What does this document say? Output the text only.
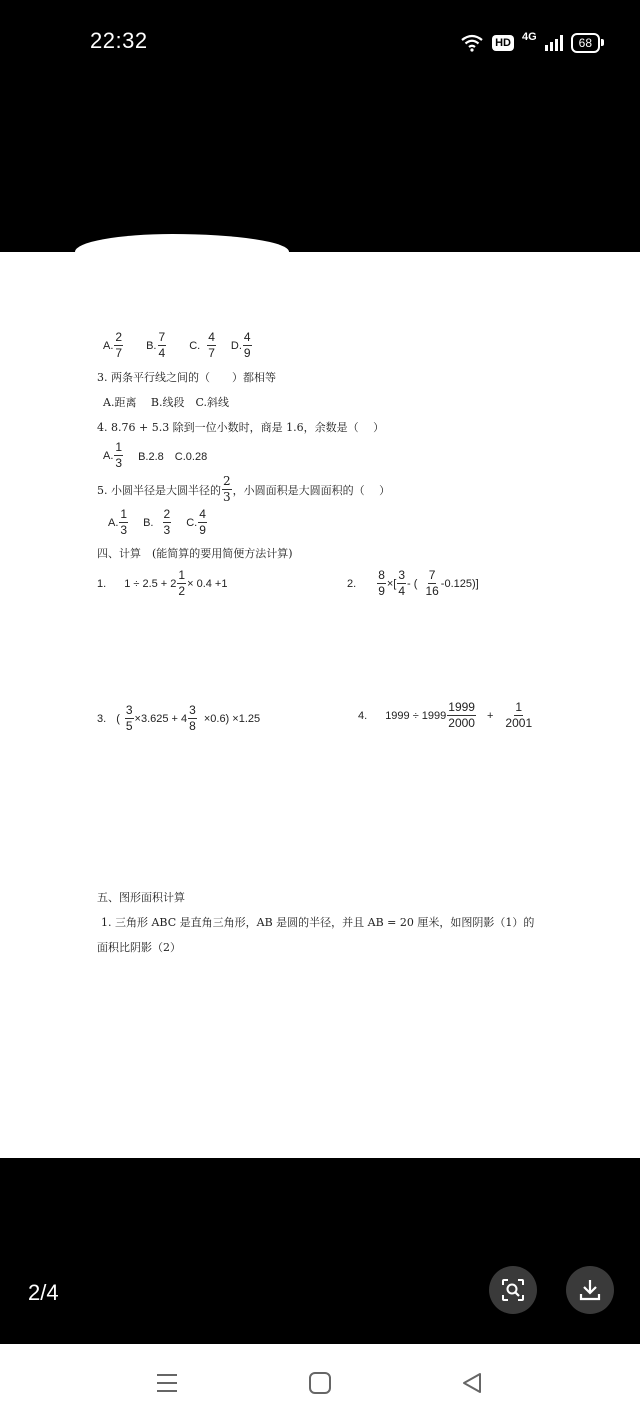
22:32	HD 4G	68
A.
2
7
B.
7
4
C.
4
7
D.
4
9
3. 两条平行线之间的（　　）都相等
A.距离　 B.线段　C.斜线
4. 8.76 + 5.3 除到一位小数时，商是 1.6，余数是（　 ）
A.
1
3 B.2.8　C.0.28
5. 小圆半径是大圆半径的
2
3 ，小圆面积是大圆面积的（　 ）
A.
1
3
B.
2
3
C.
4
9
四、计算　(能简算的要用简便方法计算)
1. $1 \div 2.5 + 2 \frac{1}{2} \times 0.4 +1$	2. $\frac{8}{9}$ ×[
3
4
- (
7
16
-0.125)]
3. ( $\frac{3}{5} \times 3.625 + 4$
3
8
×0.6) ×1.25	4. 1999 ÷ 1999
1999
2000
+
1
2001
五、图形面积计算
1. 三角形 ABC 是直角三角形，AB 是圆的半径，并且 AB = 20 厘米，如图阴影（1）的
面积比阴影（2）
2/4
